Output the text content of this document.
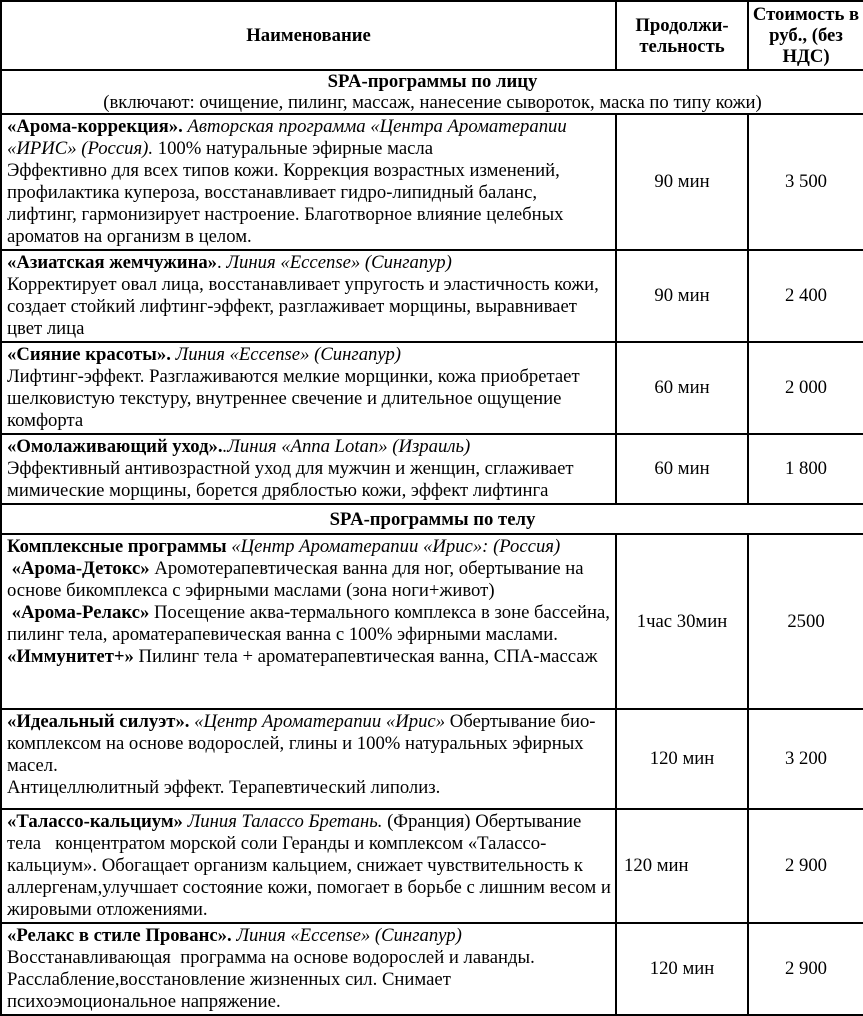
Наименование	Продолжи-тельность	Стоимость в руб., (без НДС)

SPA-программы по лицу
(включают: очищение, пилинг, массаж, нанесение сывороток, маска по типу кожи)		

«Арома-коррекция». Авторская программа «Центра Ароматерапии «ИРИС» (Россия). 100% натуральные эфирные масла

Эффективно для всех типов кожи. Коррекция возрастных изменений, профилактика купероза, восстанавливает гидро-липидный баланс, лифтинг, гармонизирует настроение. Благотворное влияние целебных ароматов на организм в целом.	90 мин	3 500

«Азиатская жемчужина». Линия «Eccense» (Сингапур)

Корректирует овал лица, восстанавливает упругость и эластичность кожи, создает стойкий лифтинг-эффект, разглаживает морщины, выравнивает цвет лица	90 мин	2 400

«Сияние красоты». Линия «Eccense» (Сингапур)

Лифтинг-эффект. Разглаживаются мелкие морщинки, кожа приобретает шелковистую текстуру, внутреннее свечение и длительное ощущение комфорта	60 мин	2 000

«Омолаживающий уход»..Линия «Anna Lotan» (Израиль)

Эффективный антивозрастной уход для мужчин и женщин, сглаживает мимические морщины, борется дряблостью кожи, эффект лифтинга	60 мин	1 800

SPA-программы по телу		

Комплексные программы «Центр Ароматерапии «Ирис»: (Россия)

«Арома-Детокс» Аромотерапевтическая ванна для ног, обертывание на основе бикомплекса с эфирными маслами (зона ноги+живот)

«Арома-Релакс» Посещение аква-термального комплекса в зоне бассейна, пилинг тела, ароматерапевическая ванна с 100% эфирными маслами.

«Иммунитет+» Пилинг тела + ароматерапевтическая ванна, СПА-массаж	1час 30мин	2500

«Идеальный силуэт». «Центр Ароматерапии «Ирис» Обертывание био-комплексом на основе водорослей, глины и 100% натуральных эфирных масел.

Антицеллюлитный эффект. Терапевтический липолиз.	120 мин	3 200

«Талассо-кальциум» Линия Талассо Бретань. (Франция) Обертывание тела   концентратом морской соли Геранды и комплексом «Талассо-кальциум». Обогащает организм кальцием, снижает чувствительность к аллергенам,улучшает состояние кожи, помогает в борьбе с лишним весом и жировыми отложениями.	120 мин	2 900

«Релакс в стиле Прованс». Линия «Eccense» (Сингапур)

Восстанавливающая  программа на основе водорослей и лаванды.

Расслабление,восстановление жизненных сил. Снимает психоэмоциональное напряжение.	120 мин	2 900
